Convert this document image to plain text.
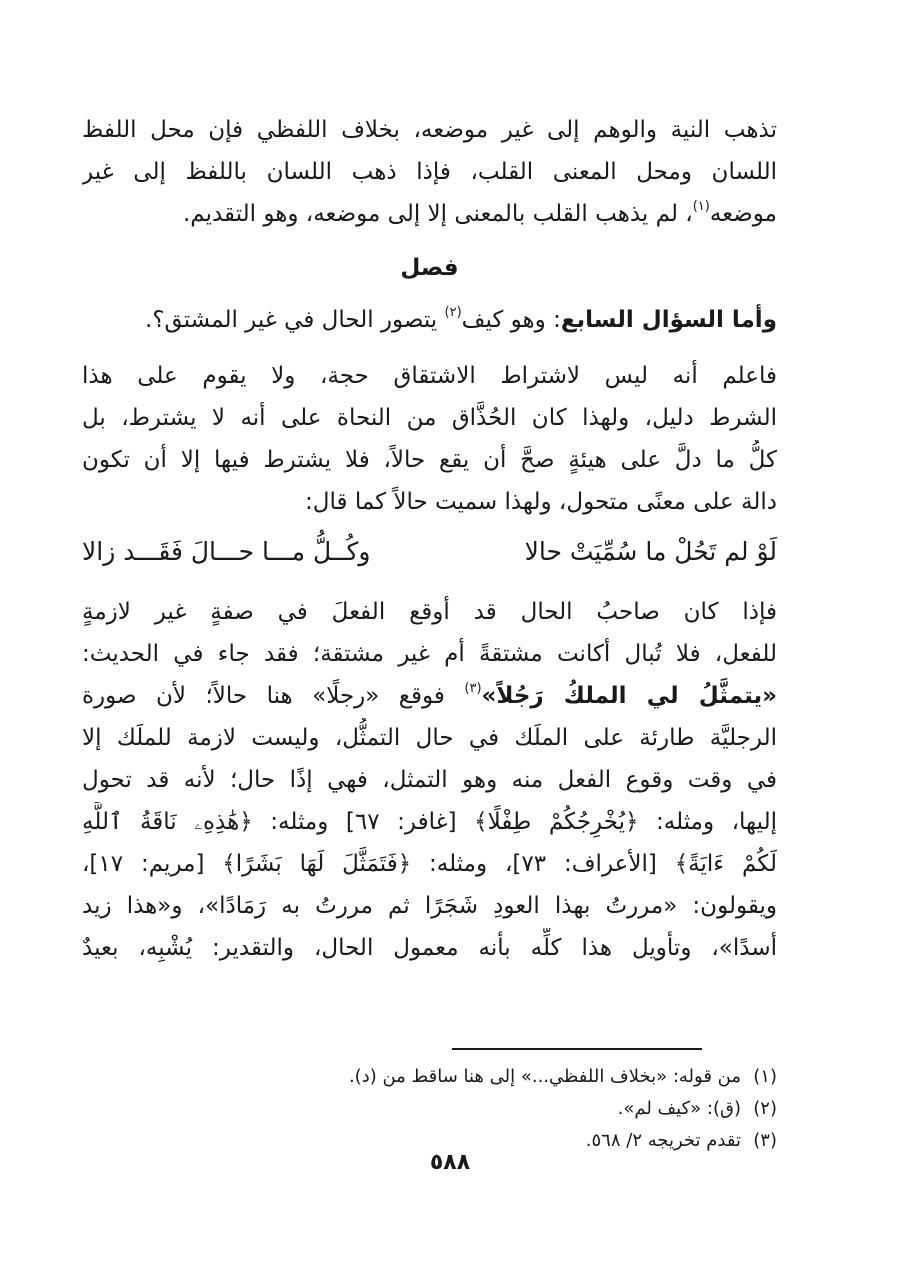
تذهب النية والوهم إلى غير موضعه، بخلاف اللفظي فإن محل اللفظ
اللسان ومحل المعنى القلب، فإذا ذهب اللسان باللفظ إلى غير
موضعه$^{(١)}$، لم يذهب القلب بالمعنى إلا إلى موضعه، وهو التقديم.
فصل
وأما السؤال السابع: وهو كيف$^{(٢)}$ يتصور الحال في غير المشتق؟.
فاعلم أنه ليس لاشتراط الاشتقاق حجة، ولا يقوم على هذا
الشرط دليل، ولهذا كان الحُذَّاق من النحاة على أنه لا يشترط، بل
كلُّ ما دلَّ على هيئةٍ صحَّ أن يقع حالاً، فلا يشترط فيها إلا أن تكون
دالة على معنًى متحول، ولهذا سميت حالاً كما قال:
لَوْ لم تَحُلْ ما سُمِّيَتْ حالا
وكُــلُّ مـــا حـــالَ فَقَـــد زالا
فإذا كان صاحبُ الحال قد أوقع الفعلَ في صفةٍ غير لازمةٍ
للفعل، فلا تُبال أكانت مشتقةً أم غير مشتقة؛ فقد جاء في الحديث:
«يتمثَّلُ لي الملكُ رَجُلاً»$^{(٣)}$ فوقع «رجلًا» هنا حالاً؛ لأن صورة
الرجليَّة طارئة على الملَك في حال التمثُّل، وليست لازمة للملَك إلا
في وقت وقوع الفعل منه وهو التمثل، فهي إذًا حال؛ لأنه قد تحول
إليها، ومثله: ﴿يُخْرِجُكُمْ طِفْلًا﴾ [غافر: ٦٧] ومثله: ﴿هَٰذِهِۦ نَاقَةُ ٱللَّهِ
لَكُمْ ءَايَةً﴾ [الأعراف: ٧٣]، ومثله: ﴿فَتَمَثَّلَ لَهَا بَشَرًا﴾ [مريم: ١٧]،
ويقولون: «مررتُ بهذا العودِ شَجَرًا ثم مررتُ به رَمَادًا»، و«هذا زيد
أسدًا»، وتأويل هذا كلِّه بأنه معمول الحال، والتقدير: يُشْبِه، بعيدٌ
(١)من قوله: «بخلاف اللفظي...» إلى هنا ساقط من (د).
(٢)(ق): «كيف لم».
(٣)تقدم تخريجه ٢/ ٥٦٨.
٥٨٨
